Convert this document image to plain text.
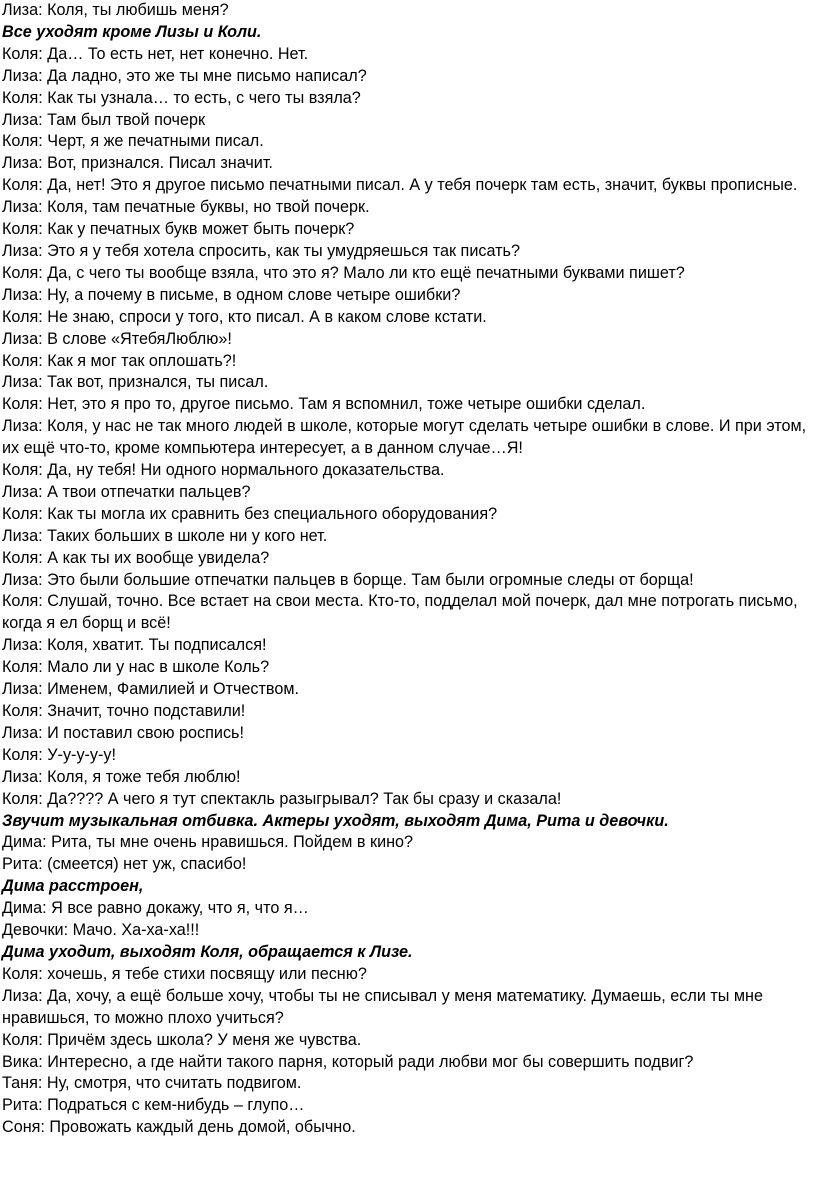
Лиза: Коля, ты любишь меня?

Все уходят кроме Лизы и Коли.

Коля: Да… То есть нет, нет конечно. Нет.

Лиза: Да ладно, это же ты мне письмо написал?

Коля: Как ты узнала… то есть, с чего ты взяла?

Лиза: Там был твой почерк

Коля: Черт, я же печатными писал.

Лиза: Вот, признался. Писал значит.

Коля: Да, нет! Это я другое письмо печатными писал. А у тебя почерк там есть, значит, буквы прописные.

Лиза: Коля, там печатные буквы, но твой почерк.

Коля: Как у печатных букв может быть почерк?

Лиза: Это я у тебя хотела спросить, как ты умудряешься так писать?

Коля: Да, с чего ты вообще взяла, что это я? Мало ли кто ещё печатными буквами пишет?

Лиза: Ну, а почему в письме, в одном слове четыре ошибки?

Коля: Не знаю, спроси у того, кто писал. А в каком слове кстати.

Лиза: В слове «ЯтебяЛюблю»!

Коля: Как я мог так оплошать?!

Лиза: Так вот, признался, ты писал.

Коля: Нет, это я про то, другое письмо. Там я вспомнил, тоже четыре ошибки сделал.

Лиза: Коля, у нас не так много людей в школе, которые могут сделать четыре ошибки в слове. И при этом, их ещё что-то, кроме компьютера интересует, а в данном случае…Я!

Коля: Да, ну тебя! Ни одного нормального доказательства.

Лиза: А твои отпечатки пальцев?

Коля: Как ты могла их сравнить без специального оборудования?

Лиза: Таких больших в школе ни у кого нет.

Коля: А как ты их вообще увидела?

Лиза: Это были большие отпечатки пальцев в борще. Там были огромные следы от борща!

Коля: Слушай, точно. Все встает на свои места. Кто-то, подделал мой почерк, дал мне потрогать письмо, когда я ел борщ и всё!

Лиза: Коля, хватит. Ты подписался!

Коля: Мало ли у нас в школе Коль?

Лиза: Именем, Фамилией и Отчеством.

Коля: Значит, точно подставили!

Лиза: И поставил свою роспись!

Коля: У-у-у-у-у!

Лиза: Коля, я тоже тебя люблю!

Коля: Да???? А чего я тут спектакль разыгрывал? Так бы сразу и сказала!

Звучит музыкальная отбивка. Актеры уходят, выходят Дима, Рита и девочки.

Дима: Рита, ты мне очень нравишься. Пойдем в кино?

Рита: (смеется) нет уж, спасибо!

Дима расстроен,

Дима: Я все равно докажу, что я, что я…

Девочки: Мачо. Ха-ха-ха!!!

Дима уходит, выходят Коля, обращается к Лизе.

Коля: хочешь, я тебе стихи посвящу или песню?

Лиза: Да, хочу, а ещё больше хочу, чтобы ты не списывал у меня математику. Думаешь, если ты мне нравишься, то можно плохо учиться?

Коля: Причём здесь школа? У меня же чувства.

Вика: Интересно, а где найти такого парня, который ради любви мог бы совершить подвиг?

Таня: Ну, смотря, что считать подвигом.

Рита: Подраться с кем-нибудь – глупо…

Соня: Провожать каждый день домой, обычно.
